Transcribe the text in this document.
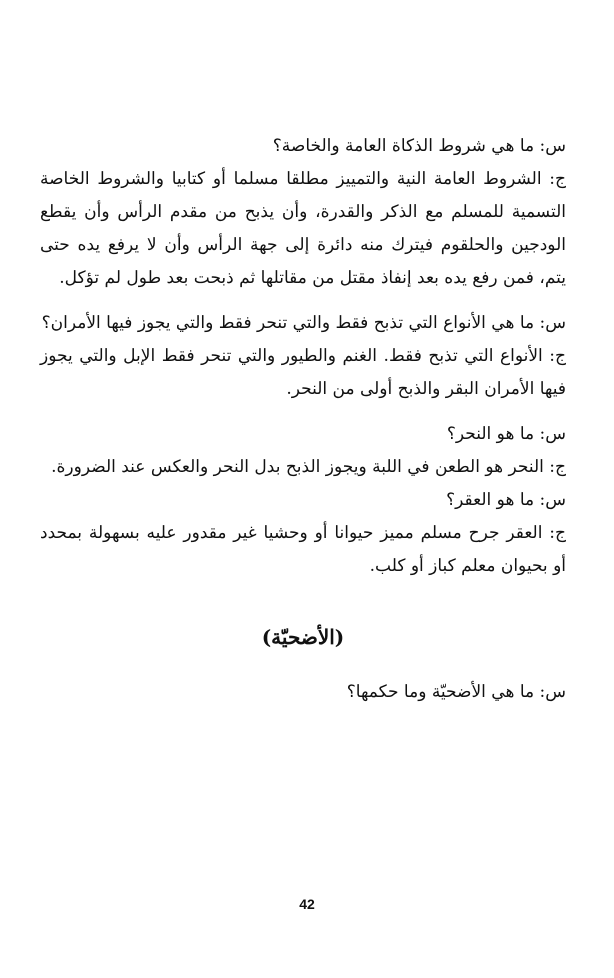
س: ما هي شروط الذكاة العامة والخاصة؟

ج: الشروط العامة النية والتمييز مطلقا مسلما أو كتابيا والشروط الخاصة التسمية للمسلم مع الذكر والقدرة، وأن يذبح من مقدم الرأس وأن يقطع الودجين والحلقوم فيترك منه دائرة إلى جهة الرأس وأن لا يرفع يده حتى يتم، فمن رفع يده بعد إنفاذ مقتل من مقاتلها ثم ذبحت بعد طول لم تؤكل.

س: ما هي الأنواع التي تذبح فقط والتي تنحر فقط والتي يجوز فيها الأمران؟

ج: الأنواع التي تذبح فقط. الغنم والطيور والتي تنحر فقط الإبل والتي يجوز فيها الأمران البقر والذبح أولى من النحر.

س: ما هو النحر؟

ج: النحر هو الطعن في اللبة ويجوز الذبح بدل النحر والعكس عند الضرورة.

س: ما هو العقر؟

ج: العقر جرح مسلم مميز حيوانا أو وحشيا غير مقدور عليه بسهولة بمحدد أو بحيوان معلم كباز أو كلب.

(الأضحيّة)

س: ما هي الأضحيّة وما حكمها؟

42
